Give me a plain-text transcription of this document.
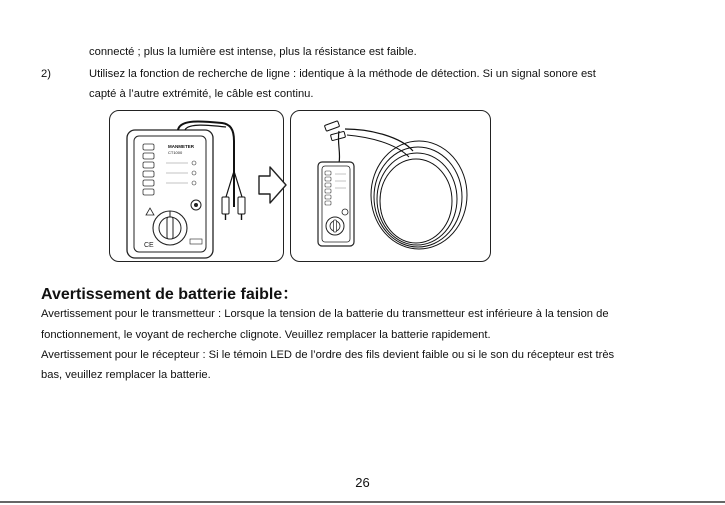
connecté ; plus la lumière est intense, plus la résistance est faible.
2)	Utilisez la fonction de recherche de ligne : identique à la méthode de détection. Si un signal sonore est
capté à l’autre extrémité, le câble est continu.
MANMETER
CT1000
CE
Avertissement de batterie faible：
Avertissement pour le transmetteur : Lorsque la tension de la batterie du transmetteur est inférieure à la tension de
fonctionnement, le voyant de recherche clignote. Veuillez remplacer la batterie rapidement.
Avertissement pour le récepteur : Si le témoin LED de l’ordre des fils devient faible ou si le son du récepteur est très
bas, veuillez remplacer la batterie.
26
